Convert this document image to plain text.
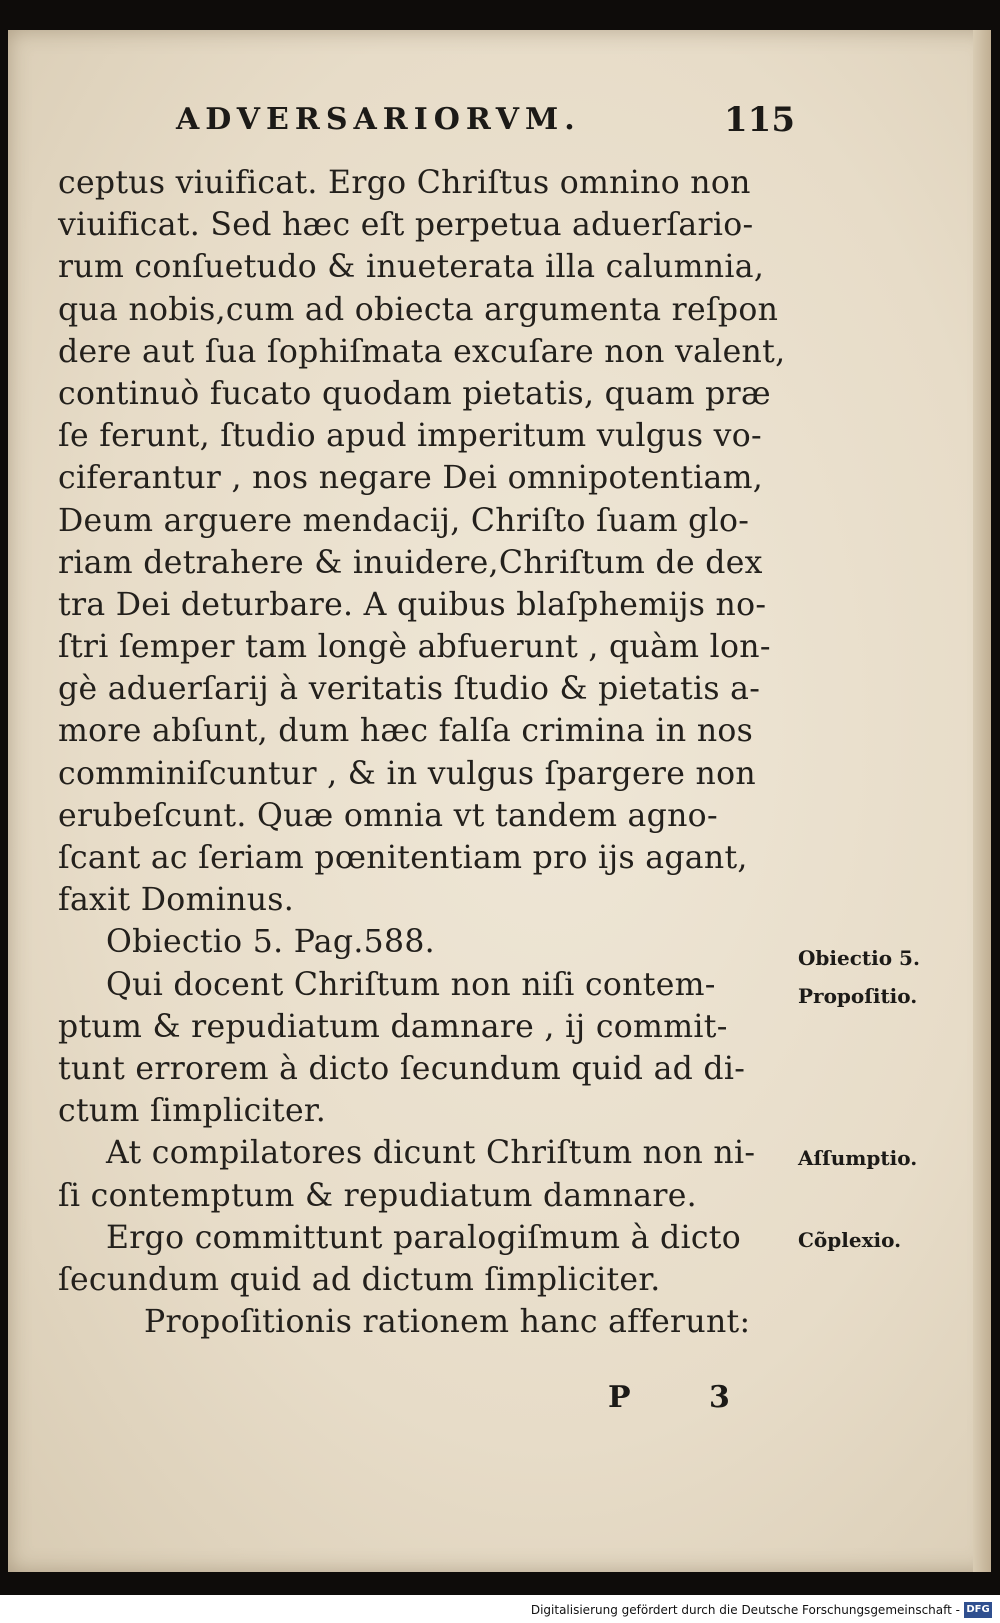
ADVERSARIORVM.	115
ceptus viuificat. Ergo Chriſtus omnino non
viuificat. Sed hæc eſt perpetua aduerſario-
rum conſuetudo & inueterata illa calumnia,
qua nobis,cum ad obiecta argumenta reſpon
dere aut ſua ſophiſmata excuſare non valent,
continuò fucato quodam pietatis, quam præ
ſe ferunt, ſtudio apud imperitum vulgus vo-
ciferantur , nos negare Dei omnipotentiam,
Deum arguere mendacij, Chriſto ſuam glo-
riam detrahere & inuidere,Chriſtum de dex
tra Dei deturbare. A quibus blaſphemijs no-
ſtri ſemper tam longè abfuerunt , quàm lon-
gè aduerſarij à veritatis ſtudio & pietatis a-
more abſunt, dum hæc falſa crimina in nos
comminiſcuntur , & in vulgus ſpargere non
erubeſcunt. Quæ omnia vt tandem agno-
ſcant ac ſeriam pœnitentiam pro ijs agant,
faxit Dominus.
Obiectio 5. Pag.588.
Qui docent Chriſtum non niſi contem-
ptum & repudiatum damnare , ij commit-
tunt errorem à dicto ſecundum quid ad di-
ctum ſimpliciter.
At compilatores dicunt Chriſtum non ni-
ſi contemptum & repudiatum damnare.
Ergo committunt paralogiſmum à dicto
ſecundum quid ad dictum ſimpliciter.
Propoſitionis rationem hanc afferunt:
Obiectio 5.
Propoſitio.
Aſſumptio.
Cõplexio.
P 3
Digitalisierung gefördert durch die Deutsche Forschungsgemeinschaft - DFG
